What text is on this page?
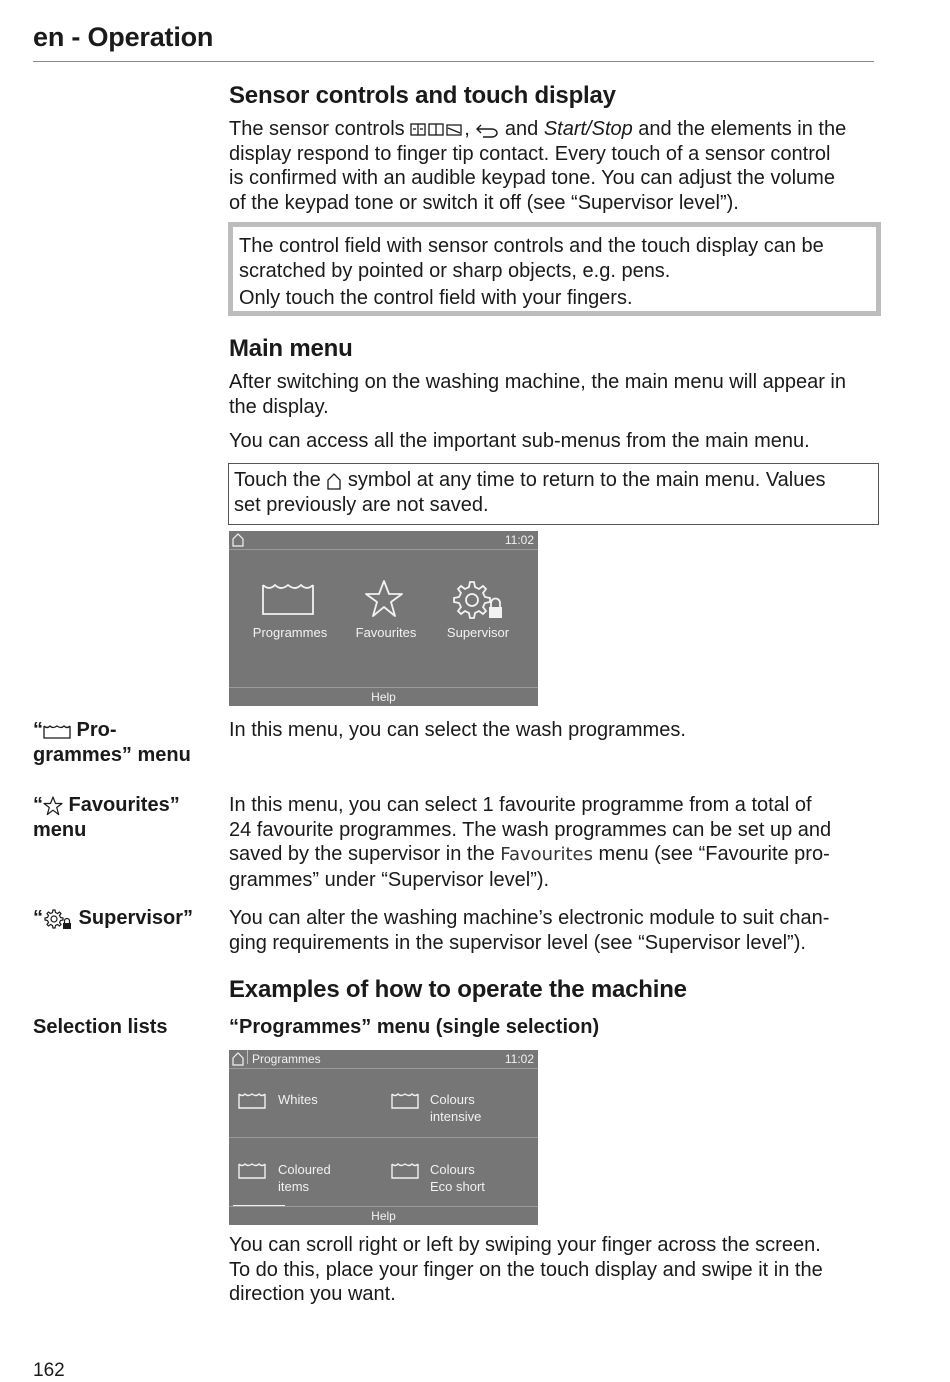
en - Operation
Sensor controls and touch display
The sensor controls	,  and Start/Stop and the elements in the
display respond to finger tip contact. Every touch of a sensor control
is confirmed with an audible keypad tone. You can adjust the volume
of the keypad tone or switch it off (see “Supervisor level”).

The control field with sensor controls and the touch display can be

scratched by pointed or sharp objects, e.g. pens.

Only touch the control field with your fingers.

Main menu
After switching on the washing machine, the main menu will appear in
the display.
You can access all the important sub-menus from the main menu.

Touch the  symbol at any time to return to the main menu. Values

set previously are not saved.

11:02
Programmes	Favourites	Supervisor
Help
“ Pro-
grammes” menu
In this menu, you can select the wash programmes.
“ Favourites”
menu
In this menu, you can select 1 favourite programme from a total of
24 favourite programmes. The wash programmes can be set up and
saved by the supervisor in the Favourites menu (see “Favourite pro-
grammes” under “Supervisor level”).
“ Supervisor”	You can alter the washing machine’s electronic module to suit chan-
ging requirements in the supervisor level (see “Supervisor level”).
Examples of how to operate the machine
Selection lists	“Programmes” menu (single selection)
Programmes	11:02
Whites	Colours
intensive
Coloured
items
Colours
Eco short
Help
You can scroll right or left by swiping your finger across the screen.
To do this, place your finger on the touch display and swipe it in the
direction you want.
162
